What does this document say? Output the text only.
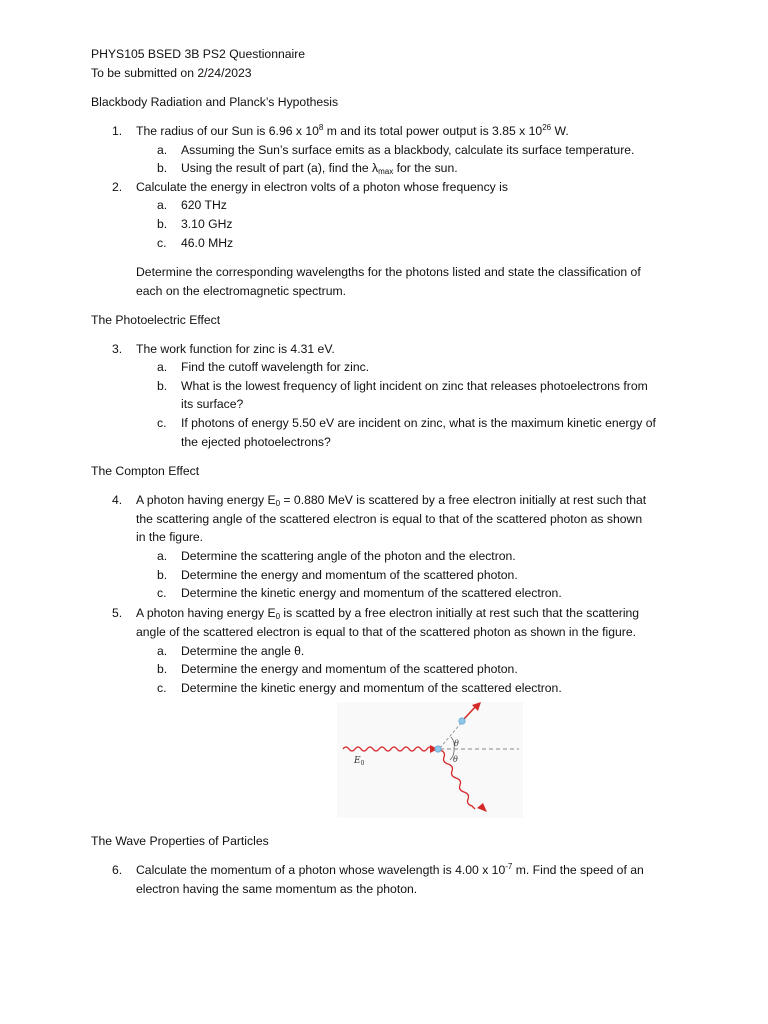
PHYS105 BSED 3B PS2 Questionnaire
To be submitted on 2/24/2023
Blackbody Radiation and Planck’s Hypothesis
1. The radius of our Sun is 6.96 x $10^8$ m and its total power output is 3.85 x $10^{26}$ W.
a. Assuming the Sun’s surface emits as a blackbody, calculate its surface temperature.
b. Using the result of part (a), find the $\lambda_{max}$ for the sun.
2. Calculate the energy in electron volts of a photon whose frequency is
a. 620 THz
b. 3.10 GHz
c. 46.0 MHz
Determine the corresponding wavelengths for the photons listed and state the classification of
each on the electromagnetic spectrum.
The Photoelectric Effect
3. The work function for zinc is 4.31 eV.
a. Find the cutoff wavelength for zinc.
b. What is the lowest frequency of light incident on zinc that releases photoelectrons from
its surface?
c. If photons of energy 5.50 eV are incident on zinc, what is the maximum kinetic energy of
the ejected photoelectrons?
The Compton Effect
4. A photon having energy $E_0 = 0.880$ MeV is scattered by a free electron initially at rest such that
the scattering angle of the scattered electron is equal to that of the scattered photon as shown
in the figure.
a. Determine the scattering angle of the photon and the electron.
b. Determine the energy and momentum of the scattered photon.
c. Determine the kinetic energy and momentum of the scattered electron.
5. A photon having energy $E_0$ is scatted by a free electron initially at rest such that the scattering
angle of the scattered electron is equal to that of the scattered photon as shown in the figure.
a. Determine the angle θ.
b. Determine the energy and momentum of the scattered photon.
c. Determine the kinetic energy and momentum of the scattered electron.
θ
θ
$E_0$
The Wave Properties of Particles
6. Calculate the momentum of a photon whose wavelength is 4.00 x $10^{-7}$ m. Find the speed of an
electron having the same momentum as the photon.
